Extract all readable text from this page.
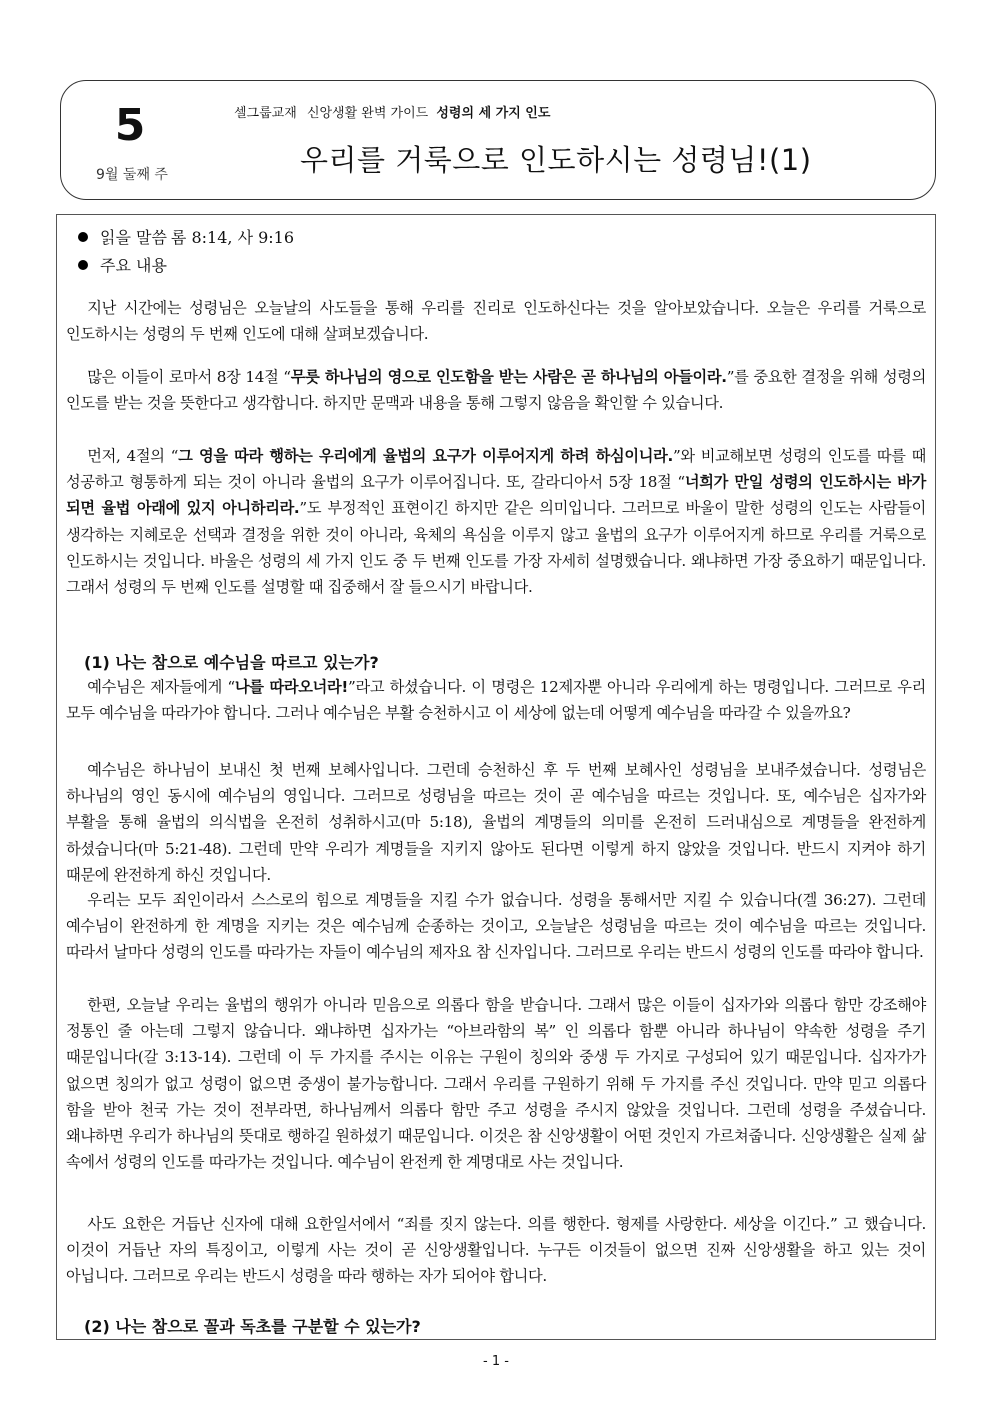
5
9월 둘째 주
셀그룹교재 신앙생활 완벽 가이드 성령의 세 가지 인도
우리를 거룩으로 인도하시는 성령님!(1)
읽을 말씀 롬 8:14, 사 9:16
주요 내용

지난 시간에는 성령님은 오늘날의 사도들을 통해 우리를 진리로 인도하신다는 것을 알아보았습니다. 오늘은 우리를 거룩으로 인도하시는 성령의 두 번째 인도에 대해 살펴보겠습니다.

많은 이들이 로마서 8장 14절 “무릇 하나님의 영으로 인도함을 받는 사람은 곧 하나님의 아들이라.”를 중요한 결정을 위해 성령의 인도를 받는 것을 뜻한다고 생각합니다. 하지만 문맥과 내용을 통해 그렇지 않음을 확인할 수 있습니다.

먼저, 4절의 “그 영을 따라 행하는 우리에게 율법의 요구가 이루어지게 하려 하심이니라.”와 비교해보면 성령의 인도를 따를 때 성공하고 형통하게 되는 것이 아니라 율법의 요구가 이루어집니다. 또, 갈라디아서 5장 18절 “너희가 만일 성령의 인도하시는 바가 되면 율법 아래에 있지 아니하리라.”도 부정적인 표현이긴 하지만 같은 의미입니다. 그러므로 바울이 말한 성령의 인도는 사람들이 생각하는 지혜로운 선택과 결정을 위한 것이 아니라, 육체의 욕심을 이루지 않고 율법의 요구가 이루어지게 하므로 우리를 거룩으로 인도하시는 것입니다. 바울은 성령의 세 가지 인도 중 두 번째 인도를 가장 자세히 설명했습니다. 왜냐하면 가장 중요하기 때문입니다. 그래서 성령의 두 번째 인도를 설명할 때 집중해서 잘 들으시기 바랍니다.

(1) 나는 참으로 예수님을 따르고 있는가?

예수님은 제자들에게 “나를 따라오너라!”라고 하셨습니다. 이 명령은 12제자뿐 아니라 우리에게 하는 명령입니다. 그러므로 우리 모두 예수님을 따라가야 합니다. 그러나 예수님은 부활 승천하시고 이 세상에 없는데 어떻게 예수님을 따라갈 수 있을까요?

예수님은 하나님이 보내신 첫 번째 보혜사입니다. 그런데 승천하신 후 두 번째 보혜사인 성령님을 보내주셨습니다. 성령님은 하나님의 영인 동시에 예수님의 영입니다. 그러므로 성령님을 따르는 것이 곧 예수님을 따르는 것입니다. 또, 예수님은 십자가와 부활을 통해 율법의 의식법을 온전히 성취하시고(마 5:18), 율법의 계명들의 의미를 온전히 드러내심으로 계명들을 완전하게 하셨습니다(마 5:21-48). 그런데 만약 우리가 계명들을 지키지 않아도 된다면 이렇게 하지 않았을 것입니다. 반드시 지켜야 하기 때문에 완전하게 하신 것입니다.

우리는 모두 죄인이라서 스스로의 힘으로 계명들을 지킬 수가 없습니다. 성령을 통해서만 지킬 수 있습니다(겔 36:27). 그런데 예수님이 완전하게 한 계명을 지키는 것은 예수님께 순종하는 것이고, 오늘날은 성령님을 따르는 것이 예수님을 따르는 것입니다. 따라서 날마다 성령의 인도를 따라가는 자들이 예수님의 제자요 참 신자입니다. 그러므로 우리는 반드시 성령의 인도를 따라야 합니다.

한편, 오늘날 우리는 율법의 행위가 아니라 믿음으로 의롭다 함을 받습니다. 그래서 많은 이들이 십자가와 의롭다 함만 강조해야 정통인 줄 아는데 그렇지 않습니다. 왜냐하면 십자가는 “아브라함의 복” 인 의롭다 함뿐 아니라 하나님이 약속한 성령을 주기 때문입니다(갈 3:13-14). 그런데 이 두 가지를 주시는 이유는 구원이 칭의와 중생 두 가지로 구성되어 있기 때문입니다. 십자가가 없으면 칭의가 없고 성령이 없으면 중생이 불가능합니다. 그래서 우리를 구원하기 위해 두 가지를 주신 것입니다. 만약 믿고 의롭다 함을 받아 천국 가는 것이 전부라면, 하나님께서 의롭다 함만 주고 성령을 주시지 않았을 것입니다. 그런데 성령을 주셨습니다. 왜냐하면 우리가 하나님의 뜻대로 행하길 원하셨기 때문입니다. 이것은 참 신앙생활이 어떤 것인지 가르쳐줍니다. 신앙생활은 실제 삶 속에서 성령의 인도를 따라가는 것입니다. 예수님이 완전케 한 계명대로 사는 것입니다.

사도 요한은 거듭난 신자에 대해 요한일서에서 “죄를 짓지 않는다. 의를 행한다. 형제를 사랑한다. 세상을 이긴다.” 고 했습니다. 이것이 거듭난 자의 특징이고, 이렇게 사는 것이 곧 신앙생활입니다. 누구든 이것들이 없으면 진짜 신앙생활을 하고 있는 것이 아닙니다. 그러므로 우리는 반드시 성령을 따라 행하는 자가 되어야 합니다.

(2) 나는 참으로 꼴과 독초를 구분할 수 있는가?

- 1 -
